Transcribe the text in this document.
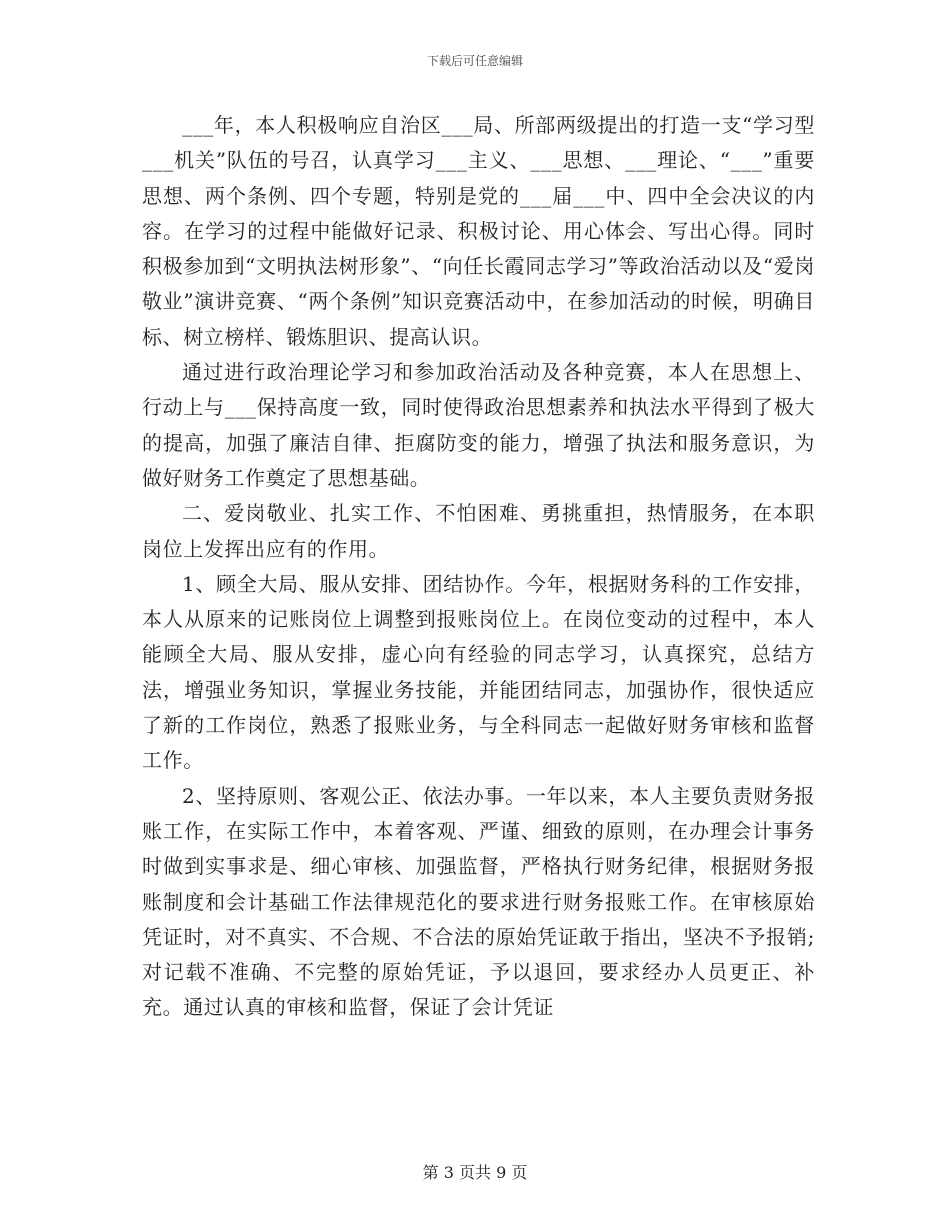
下载后可任意编辑

___年，本人积极响应自治区___局、所部两级提出的打造一支“学习型___机关”队伍的号召，认真学习___主义、___思想、___理论、“___”重要思想、两个条例、四个专题，特别是党的___届___中、四中全会决议的内容。在学习的过程中能做好记录、积极讨论、用心体会、写出心得。同时积极参加到“文明执法树形象”、“向任长霞同志学习”等政治活动以及“爱岗敬业”演讲竞赛、“两个条例”知识竞赛活动中，在参加活动的时候，明确目标、树立榜样、锻炼胆识、提高认识。

通过进行政治理论学习和参加政治活动及各种竞赛，本人在思想上、行动上与___保持高度一致，同时使得政治思想素养和执法水平得到了极大的提高，加强了廉洁自律、拒腐防变的能力，增强了执法和服务意识，为做好财务工作奠定了思想基础。

二、爱岗敬业、扎实工作、不怕困难、勇挑重担，热情服务，在本职岗位上发挥出应有的作用。

1、顾全大局、服从安排、团结协作。今年，根据财务科的工作安排，本人从原来的记账岗位上调整到报账岗位上。在岗位变动的过程中，本人能顾全大局、服从安排，虚心向有经验的同志学习，认真探究，总结方法，增强业务知识，掌握业务技能，并能团结同志，加强协作，很快适应了新的工作岗位，熟悉了报账业务，与全科同志一起做好财务审核和监督工作。

2、坚持原则、客观公正、依法办事。一年以来，本人主要负责财务报账工作，在实际工作中，本着客观、严谨、细致的原则，在办理会计事务时做到实事求是、细心审核、加强监督，严格执行财务纪律，根据财务报账制度和会计基础工作法律规范化的要求进行财务报账工作。在审核原始凭证时，对不真实、不合规、不合法的原始凭证敢于指出，坚决不予报销;对记载不准确、不完整的原始凭证，予以退回，要求经办人员更正、补充。通过认真的审核和监督，保证了会计凭证

第 3 页共 9 页
